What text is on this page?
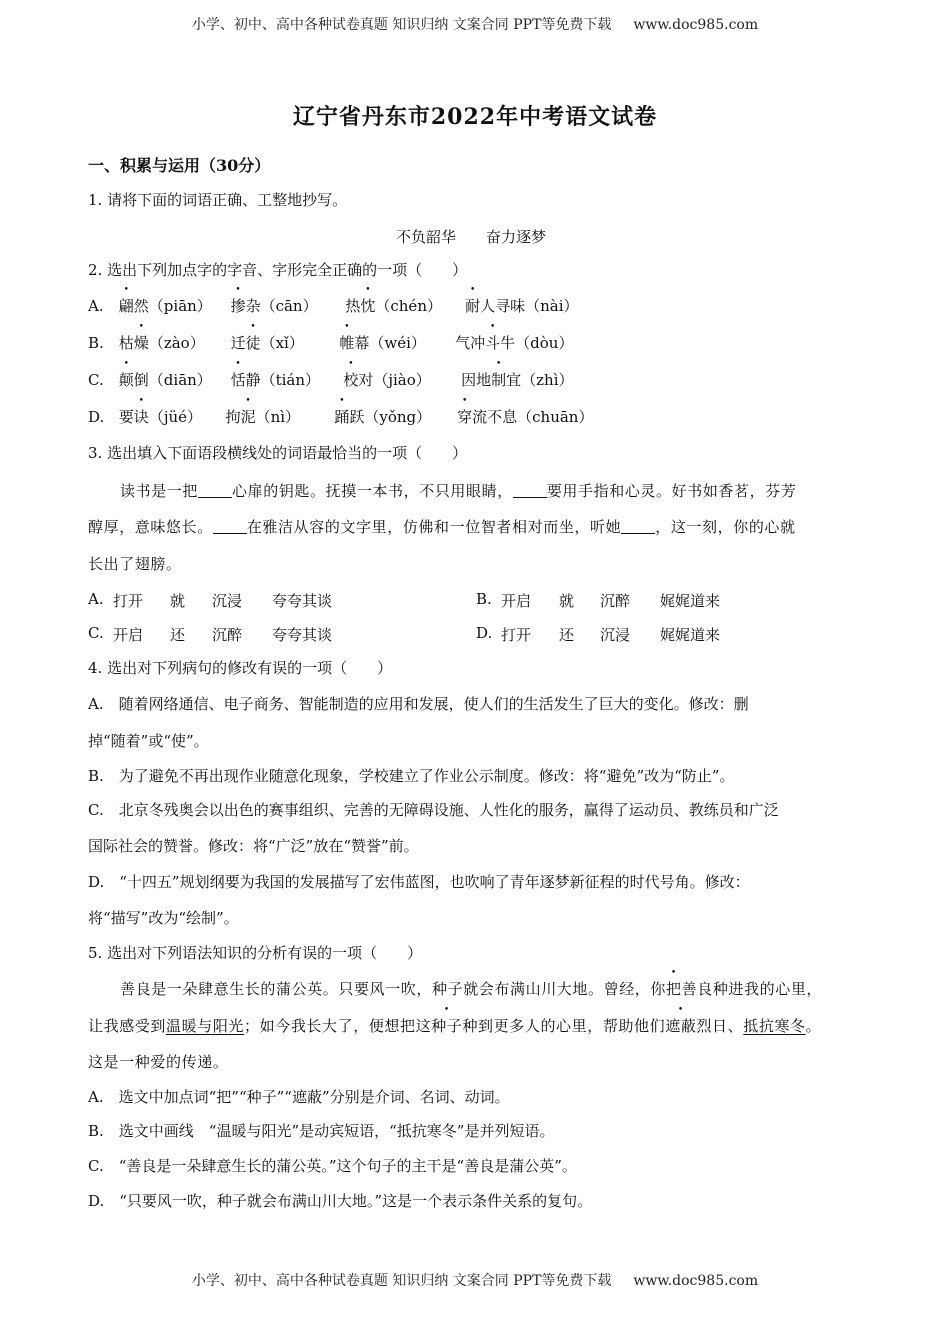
小学、初中、高中各种试卷真题 知识归纳 文案合同 PPT等免费下载 www.doc985.com
辽宁省丹东市2022年中考语文试卷
一、积累与运用（30分）
1. 请将下面的词语正确、工整地抄写。
不负韶华　　奋力逐梦
2. 选出下列加点字的字音、字形完全正确的一项（　　）
A. 翩然（piān） 掺杂（cān） 热忱（chén） 耐人寻味（nài）
B. 枯燥（zào） 迁徒（xǐ） 帷幕（wéi） 气冲斗牛（dòu）
C. 颠倒（diān） 恬静（tián） 校对（jiào） 因地制宜（zhì）
D. 要诀（jüé） 拘泥（nì） 踊跃（yǒng） 穿流不息（chuān）
3. 选出填入下面语段横线处的词语最恰当的一项（　　）
读书是一把 心扉的钥匙。抚摸一本书，不只用眼睛， 要用手指和心灵。好书如香茗，芬芳
醇厚，意味悠长。 在雅洁从容的文字里，仿佛和一位智者相对而坐，听她 ，这一刻，你的心就
长出了翅膀。
A. 打开 就 沉浸 夸夸其谈	B. 开启 就 沉醉 娓娓道来
C. 开启 还 沉醉 夸夸其谈	D. 打开 还 沉浸 娓娓道来
4. 选出对下列病句的修改有误的一项（　　）
A.　随着网络通信、电子商务、智能制造的应用和发展，使人们的生活发生了巨大的变化。修改：删
掉“随着”或“使”。
B.　为了避免不再出现作业随意化现象，学校建立了作业公示制度。修改：将“避免”改为“防止”。
C.　北京冬残奥会以出色的赛事组织、完善的无障碍设施、人性化的服务，赢得了运动员、教练员和广泛
国际社会的赞誉。修改：将“广泛”放在“赞誉”前。
D.　“十四五”规划纲要为我国的发展描写了宏伟蓝图，也吹响了青年逐梦新征程的时代号角。修改：
将“描写”改为“绘制”。
5. 选出对下列语法知识的分析有误的一项（　　）
善良是一朵肆意生长的蒲公英。只要风一吹，种子就会布满山川大地。曾经，你把善良种进我的心里，
让我感受到温暖与阳光；如今我长大了，便想把这种子种到更多人的心里，帮助他们遮蔽烈日、抵抗寒冬。
这是一种爱的传递。
A.　选文中加点词“把”“种子”“遮蔽”分别是介词、名词、动词。
B.　选文中画线　“温暖与阳光”是动宾短语，“抵抗寒冬”是并列短语。
C.　“善良是一朵肆意生长的蒲公英。”这个句子的主干是“善良是蒲公英”。
D.　“只要风一吹，种子就会布满山川大地。”这是一个表示条件关系的复句。
小学、初中、高中各种试卷真题 知识归纳 文案合同 PPT等免费下载 www.doc985.com
